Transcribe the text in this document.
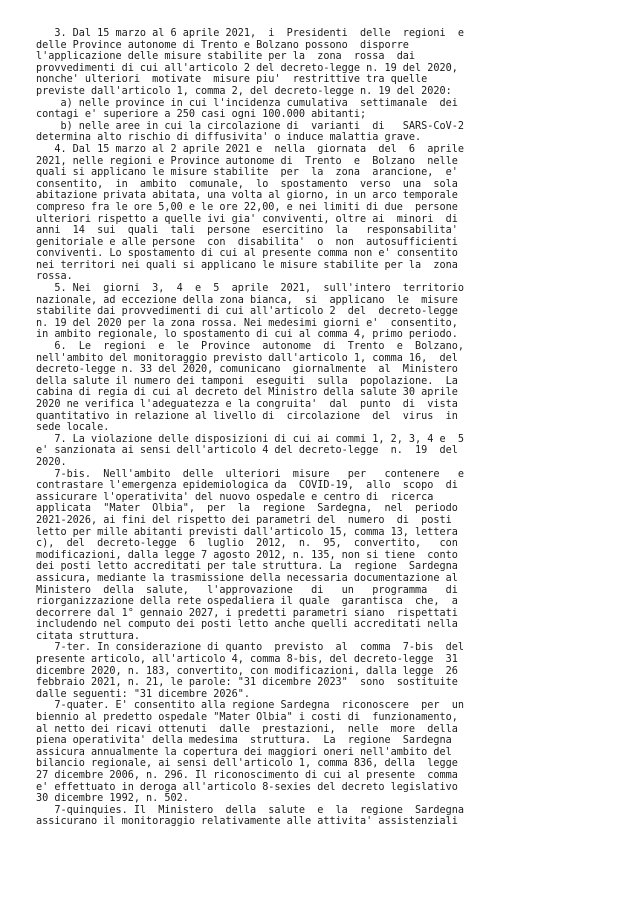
3. Dal 15 marzo al 6 aprile 2021,  i  Presidenti  delle  regioni  e
delle Province autonome di Trento e Bolzano possono  disporre
l'applicazione delle misure stabilite per la  zona  rossa  dai
provvedimenti di cui all'articolo 2 del decreto-legge n. 19 del 2020,
nonche' ulteriori  motivate  misure piu'  restrittive tra quelle
previste dall'articolo 1, comma 2, del decreto-legge n. 19 del 2020:
a) nelle province in cui l'incidenza cumulativa  settimanale  dei
contagi e' superiore a 250 casi ogni 100.000 abitanti;
b) nelle aree in cui la circolazione di  varianti  di   SARS-CoV-2
determina alto rischio di diffusivita' o induce malattia grave.
4. Dal 15 marzo al 2 aprile 2021 e  nella  giornata  del  6  aprile
2021, nelle regioni e Province autonome di  Trento  e  Bolzano  nelle
quali si applicano le misure stabilite  per  la  zona  arancione,  e'
consentito,  in  ambito  comunale,  lo  spostamento  verso  una  sola
abitazione privata abitata, una volta al giorno, in un arco temporale
compreso fra le ore 5,00 e le ore 22,00, e nei limiti di due  persone
ulteriori rispetto a quelle ivi gia' conviventi, oltre ai  minori  di
anni  14  sui  quali  tali  persone  esercitino  la   responsabilita'
genitoriale e alle persone  con  disabilita'  o  non  autosufficienti
conviventi. Lo spostamento di cui al presente comma non e' consentito
nei territori nei quali si applicano le misure stabilite per la  zona
rossa.
5. Nei  giorni  3,  4  e  5  aprile  2021,  sull'intero  territorio
nazionale, ad eccezione della zona bianca,  si  applicano  le  misure
stabilite dai provvedimenti di cui all'articolo 2  del  decreto-legge
n. 19 del 2020 per la zona rossa. Nei medesimi giorni e'  consentito,
in ambito regionale, lo spostamento di cui al comma 4, primo periodo.
6.  Le  regioni  e  le  Province  autonome  di  Trento  e  Bolzano,
nell'ambito del monitoraggio previsto dall'articolo 1, comma 16,  del
decreto-legge n. 33 del 2020, comunicano  giornalmente  al  Ministero
della salute il numero dei tamponi  eseguiti  sulla  popolazione.  La
cabina di regia di cui al decreto del Ministro della salute 30 aprile
2020 ne verifica l'adeguatezza e la congruita'  dal  punto  di  vista
quantitativo in relazione al livello di  circolazione  del  virus  in
sede locale.
7. La violazione delle disposizioni di cui ai commi 1, 2, 3, 4 e  5
e' sanzionata ai sensi dell'articolo 4 del decreto-legge  n.  19  del
2020.
7-bis.  Nell'ambito  delle  ulteriori  misure   per   contenere   e
contrastare l'emergenza epidemiologica da  COVID-19,  allo  scopo  di
assicurare l'operativita' del nuovo ospedale e centro di  ricerca
applicata  "Mater  Olbia",  per  la  regione  Sardegna,  nel  periodo
2021-2026, ai fini del rispetto dei parametri del  numero  di  posti
letto per mille abitanti previsti dall'articolo 15, comma 13, lettera
c),  del  decreto-legge  6  luglio  2012,  n.  95,  convertito,   con
modificazioni, dalla legge 7 agosto 2012, n. 135, non si tiene  conto
dei posti letto accreditati per tale struttura. La  regione  Sardegna
assicura, mediante la trasmissione della necessaria documentazione al
Ministero  della  salute,   l'approvazione   di   un   programma   di
riorganizzazione della rete ospedaliera il quale  garantisca  che,  a
decorrere dal 1° gennaio 2027, i predetti parametri siano  rispettati
includendo nel computo dei posti letto anche quelli accreditati nella
citata struttura.
7-ter. In considerazione di quanto  previsto  al  comma  7-bis  del
presente articolo, all'articolo 4, comma 8-bis, del decreto-legge  31
dicembre 2020, n. 183, convertito, con modificazioni, dalla legge  26
febbraio 2021, n. 21, le parole: "31 dicembre 2023"  sono  sostituite
dalle seguenti: "31 dicembre 2026".
7-quater. E' consentito alla regione Sardegna  riconoscere  per  un
biennio al predetto ospedale "Mater Olbia" i costi di  funzionamento,
al netto dei ricavi ottenuti  dalle  prestazioni,  nelle  more  della
piena operativita' della medesima  struttura.  La  regione  Sardegna
assicura annualmente la copertura dei maggiori oneri nell'ambito del
bilancio regionale, ai sensi dell'articolo 1, comma 836, della  legge
27 dicembre 2006, n. 296. Il riconoscimento di cui al presente  comma
e' effettuato in deroga all'articolo 8-sexies del decreto legislativo
30 dicembre 1992, n. 502.
7-quinquies. Il  Ministero  della  salute  e  la  regione  Sardegna
assicurano il monitoraggio relativamente alle attivita' assistenziali
